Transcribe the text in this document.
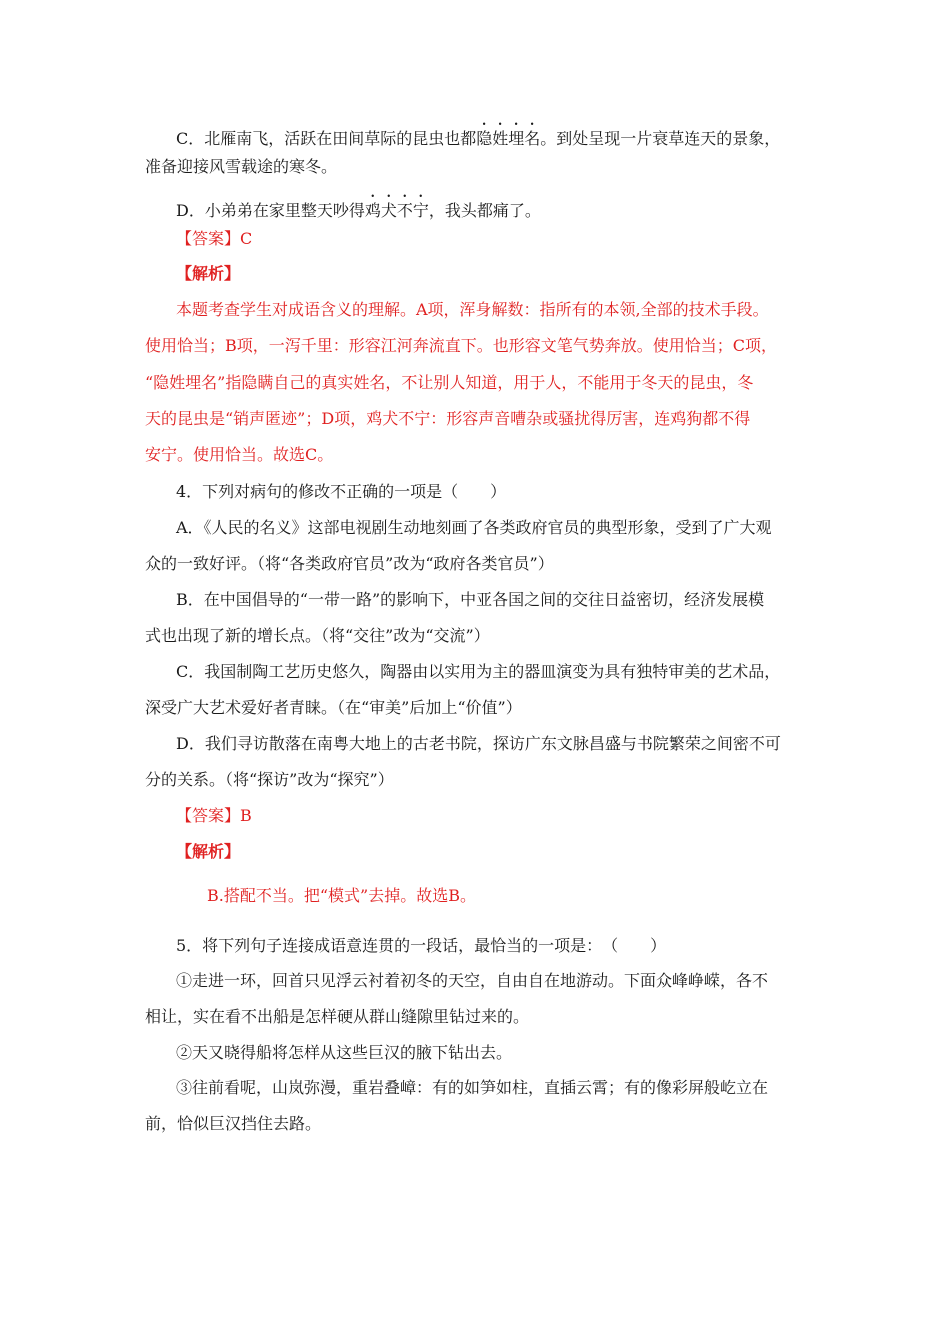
C．北雁南飞，活跃在田间草际的昆虫也都隐姓埋名。到处呈现一片衰草连天的景象，
准备迎接风雪载途的寒冬。
D．小弟弟在家里整天吵得鸡犬不宁，我头都痛了。
【答案】C
【解析】
本题考查学生对成语含义的理解。A项，浑身解数：指所有的本领,全部的技术手段。
使用恰当；B项，一泻千里：形容江河奔流直下。也形容文笔气势奔放。使用恰当；C项，
“隐姓埋名”指隐瞒自己的真实姓名，不让别人知道，用于人，不能用于冬天的昆虫，冬
天的昆虫是“销声匿迹”；D项，鸡犬不宁：形容声音嘈杂或骚扰得厉害，连鸡狗都不得
安宁。使用恰当。故选C。
4．下列对病句的修改不正确的一项是（　　）
A．《人民的名义》这部电视剧生动地刻画了各类政府官员的典型形象，受到了广大观
众的一致好评。（将“各类政府官员”改为“政府各类官员”）
B．在中国倡导的“一带一路”的影响下，中亚各国之间的交往日益密切，经济发展模
式也出现了新的增长点。（将“交往”改为“交流”）
C．我国制陶工艺历史悠久，陶器由以实用为主的器皿演变为具有独特审美的艺术品，
深受广大艺术爱好者青睐。（在“审美”后加上“价值”）
D．我们寻访散落在南粤大地上的古老书院，探访广东文脉昌盛与书院繁荣之间密不可
分的关系。（将“探访”改为“探究”）
【答案】B
【解析】
B.搭配不当。把“模式”去掉。故选B。
5．将下列句子连接成语意连贯的一段话，最恰当的一项是：　（　　）
①走进一环，回首只见浮云衬着初冬的天空，自由自在地游动。下面众峰峥嵘，各不
相让，实在看不出船是怎样硬从群山缝隙里钻过来的。
②天又晓得船将怎样从这些巨汉的腋下钻出去。
③往前看呢，山岚弥漫，重岩叠嶂：有的如笋如柱，直插云霄；有的像彩屏般屹立在
前，恰似巨汉挡住去路。
